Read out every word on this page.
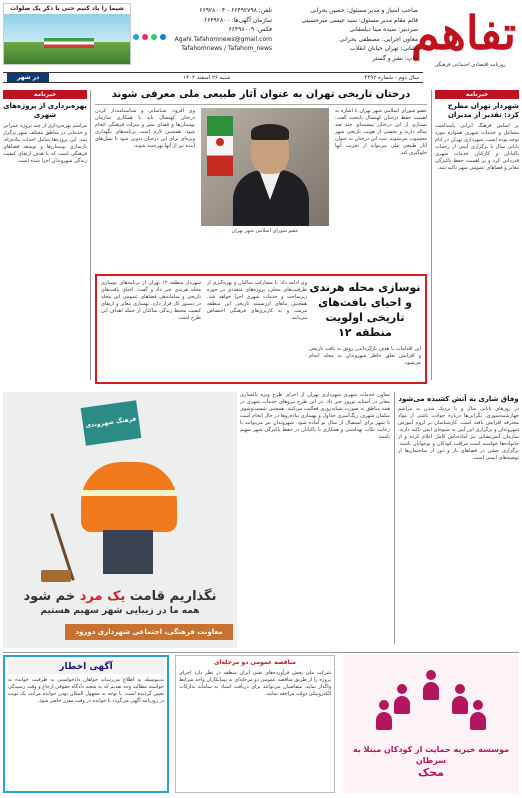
تفاهم
روزنامه اقتصادی اجتماعی فرهنگی
صاحب امتیاز و مدیر مسئول: حسین بحرانی
قائم مقام مدیر مسئول: سید عیسی میرحسینی
سردبیر: سیده مینا دیلمقانی
معاون اجرایی: مصطفی بحرانی
نشانی: تهران خیابان انقلاب
چاپ: نشر و گستر
تلفن: ۶۶۴۹۲۷۹۸ - ۶۶۹۲۸۰۰۴
سازمان آگهی‌ها: ۶۶۴۹۲۸۰۰
فکس: ۶۶۴۹۸۰۰۹
Agahi.Tafahomnews@gmail.com
Tafahomnews / Tafahom_news
شیما را یاد کنیم حتی با ذکر یک صلوات
سال دوم - شماره ۴۴۹۲
شنبه ۲۶ اسفند ۱۴۰۲
در شهر
خبرنامه
شهردار تهران مطرح کرد: تقدیر از مدیران
بر اساس فرهنگ ایرانی پاسداشت مشاغل و خدمات شهری همواره مورد توجه بوده است. شهرداری تهران در ایام پایانی سال با برگزاری آیینی از زحمات پاکبانان و کارکنان خدمات شهری قدردانی کرد و بر اهمیت حفظ پاکیزگی معابر و فضاهای عمومی شهر تاکید شد.
خبرنامه
بهره‌برداری از پروژه‌های شهری
مراسم بهره‌برداری از چند پروژه عمرانی و خدماتی در مناطق مختلف شهر برگزار شد. این پروژه‌ها شامل احداث پیاده‌راه، بازسازی بوستان‌ها و توسعه فضاهای فرهنگی است که با هدف ارتقای کیفیت زندگی شهروندان اجرا شده است.
درختان تاریخی تهران به عنوان آثار طبیعی ملی معرفی شوند
عضو شورای اسلامی شهر تهران با اشاره به اهمیت حفظ درختان کهنسال پایتخت گفت: بسیاری از این درختان پیشینه‌ای چند صد ساله دارند و بخشی از هویت تاریخی شهر محسوب می‌شوند. ثبت این درختان به عنوان آثار طبیعی ملی می‌تواند از تخریب آنها جلوگیری کند.
عضو شورای اسلامی شهر تهران
وی افزود: شناسایی و شناسنامه‌دار کردن درختان کهنسال باید با همکاری سازمان بوستان‌ها و فضای سبز و میراث فرهنگی انجام شود. همچنین لازم است برنامه‌های نگهداری ویژه‌ای برای این درختان تدوین شود تا نسل‌های آینده نیز از آنها بهره‌مند شوند.
نوسازی محله هرندی و احیای بافت‌های تاریخی اولویت منطقه ۱۲
این اقدامات با هدف بازگرداندن رونق به بافت تاریخی و افزایش تعلق خاطر شهروندان به محله انجام می‌شود.
وی ادامه داد: با مشارکت ساکنان و بهره‌گیری از ظرفیت‌های محلی، پروژه‌های متعددی در حوزه زیرساخت و خدمات شهری اجرا خواهد شد. همچنین بناهای ارزشمند تاریخی این منطقه مرمت و به کاربری‌های فرهنگی اختصاص می‌یابند.
شهردار منطقه ۱۲ تهران از برنامه‌های نوسازی محله هرندی خبر داد و گفت: احیای بافت‌های تاریخی و ساماندهی فضاهای عمومی این محله در دستور کار قرار دارد. بهسازی معابر و ارتقای کیفیت محیط زندگی ساکنان از جمله اهداف این طرح است.
وفاق شاری به آتش کشیده می‌شود
در روزهای پایانی سال و با نزدیک شدن به مراسم چهارشنبه‌سوری، نگرانی‌ها درباره حوادث ناشی از مواد محترقه افزایش یافته است. کارشناسان بر لزوم آموزش شهروندان و برگزاری این آیین به شیوه‌ای ایمن تاکید دارند. سازمان آتش‌نشانی نیز آماده‌باش کامل اعلام کرده و از خانواده‌ها خواسته است مراقب کودکان و نوجوانان باشند. برگزاری جشن در فضاهای باز و دور از ساختمان‌ها از توصیه‌های ایمنی است.
معاون خدمات شهری شهرداری تهران از اجرای طرح ویژه پاکسازی معابر در آستانه نوروز خبر داد. در این طرح نیروهای خدمات شهری در همه مناطق به صورت شبانه‌روزی فعالیت می‌کنند. همچنین شست‌وشوی مبلمان شهری، رنگ‌آمیزی جداول و بهسازی پیاده‌روها در حال انجام است تا شهر برای استقبال از سال نو آماده شود. شهروندان نیز می‌توانند با رعایت نکات بهداشتی و همکاری با پاکبانان در حفظ پاکیزگی شهر سهیم باشند.
فرهنگ شهروندی
نگذاریم قامت یک مرد خم شود
همه ما در زیبایی شهر سهیم هستیم
معاونت فرهنگی، اجتماعی شهرداری دورود
آگهی اخطار
بدینوسیله به اطلاع می‌رساند خواهان دادخواستی به طرفیت خوانده به خواسته مطالبه وجه تقدیم که به شعبه دادگاه حقوقی ارجاع و وقت رسیدگی تعیین گردیده است. با توجه به مجهول المکان بودن خوانده مراتب یک نوبت در روزنامه آگهی می‌گردد تا خوانده در وقت مقرر حاضر شود.
مناقصه عمومی دو مرحله‌ای
شرکت ملی پخش فرآورده‌های نفتی ایران منطقه در نظر دارد اجرای پروژه را از طریق مناقصه عمومی دو مرحله‌ای به پیمانکاران واجد شرایط واگذار نماید. متقاضیان می‌توانند برای دریافت اسناد به سامانه تدارکات الکترونیکی دولت مراجعه نمایند.
موسسه خیریه حمایت از کودکان مبتلا به سرطان
محک
